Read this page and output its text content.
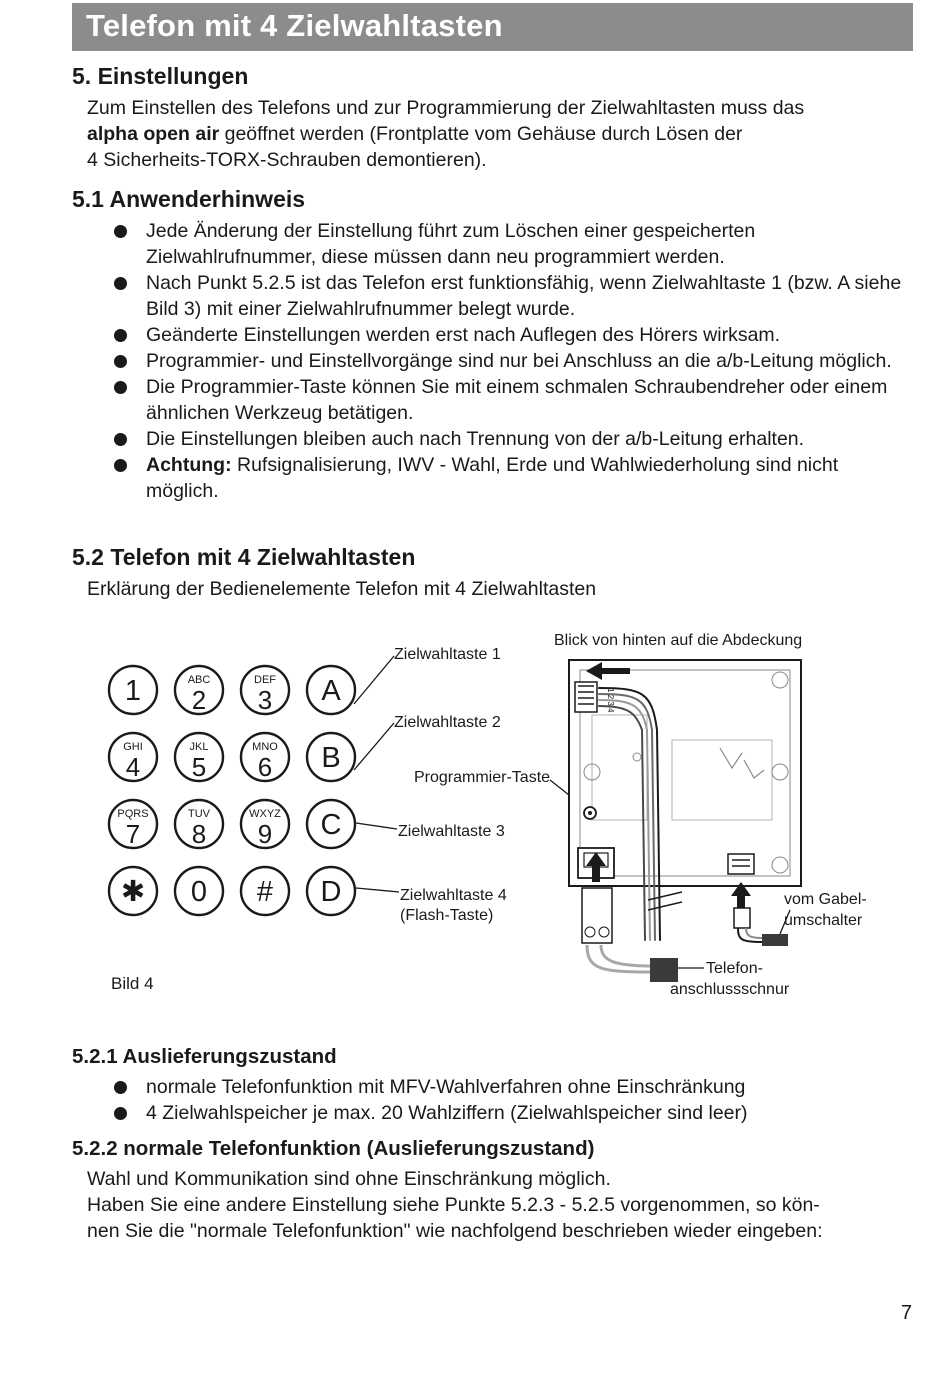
Telefon mit 4 Zielwahltasten
5. Einstellungen
Zum Einstellen des Telefons und zur Programmierung der Zielwahltasten muss das
alpha open air geöffnet werden (Frontplatte vom Gehäuse durch Lösen der
4 Sicherheits-TORX-Schrauben demontieren).
5.1 Anwenderhinweis
Jede Änderung der Einstellung führt zum Löschen einer gespeicherten Zielwahlrufnummer, diese müssen dann neu programmiert werden.
Nach Punkt 5.2.5 ist das Telefon erst funktionsfähig, wenn Zielwahltaste 1 (bzw. A siehe Bild 3) mit einer Zielwahlrufnummer belegt wurde.
Geänderte Einstellungen werden erst nach Auflegen des Hörers wirksam.
Programmier- und Einstellvorgänge sind nur bei Anschluss an die a/b-Leitung möglich.
Die Programmier-Taste können Sie mit einem schmalen Schraubendreher oder einem ähnlichen Werkzeug betätigen.
Die Einstellungen bleiben auch nach Trennung von der a/b-Leitung erhalten.
Achtung: Rufsignalisierung, IWV - Wahl, Erde und Wahlwiederholung sind nicht möglich.
5.2 Telefon mit 4 Zielwahltasten
Erklärung der Bedienelemente Telefon mit 4 Zielwahltasten
1	ABC
2
DEF
3 A
GHI
4
JKL
5
MNO
6 B
PQRS
7
TUV
8
WXYZ
9 C
✱ 0 # D
Zielwahltaste 1
Zielwahltaste 2
Programmier-Taste
Zielwahltaste 3
Zielwahltaste 4
(Flash-Taste)
Bild 4
Blick von hinten auf die Abdeckung
1 2 3 4
vom Gabel-
umschalter
Telefon-
anschlussschnur
5.2.1 Auslieferungszustand
normale Telefonfunktion mit MFV-Wahlverfahren ohne Einschränkung
4 Zielwahlspeicher je max. 20 Wahlziffern (Zielwahlspeicher sind leer)
5.2.2 normale Telefonfunktion (Auslieferungszustand)
Wahl und Kommunikation sind ohne Einschränkung möglich.
Haben Sie eine andere Einstellung siehe Punkte 5.2.3 - 5.2.5 vorgenommen, so kön-
nen Sie die "normale Telefonfunktion" wie nachfolgend beschrieben wieder eingeben:
7
